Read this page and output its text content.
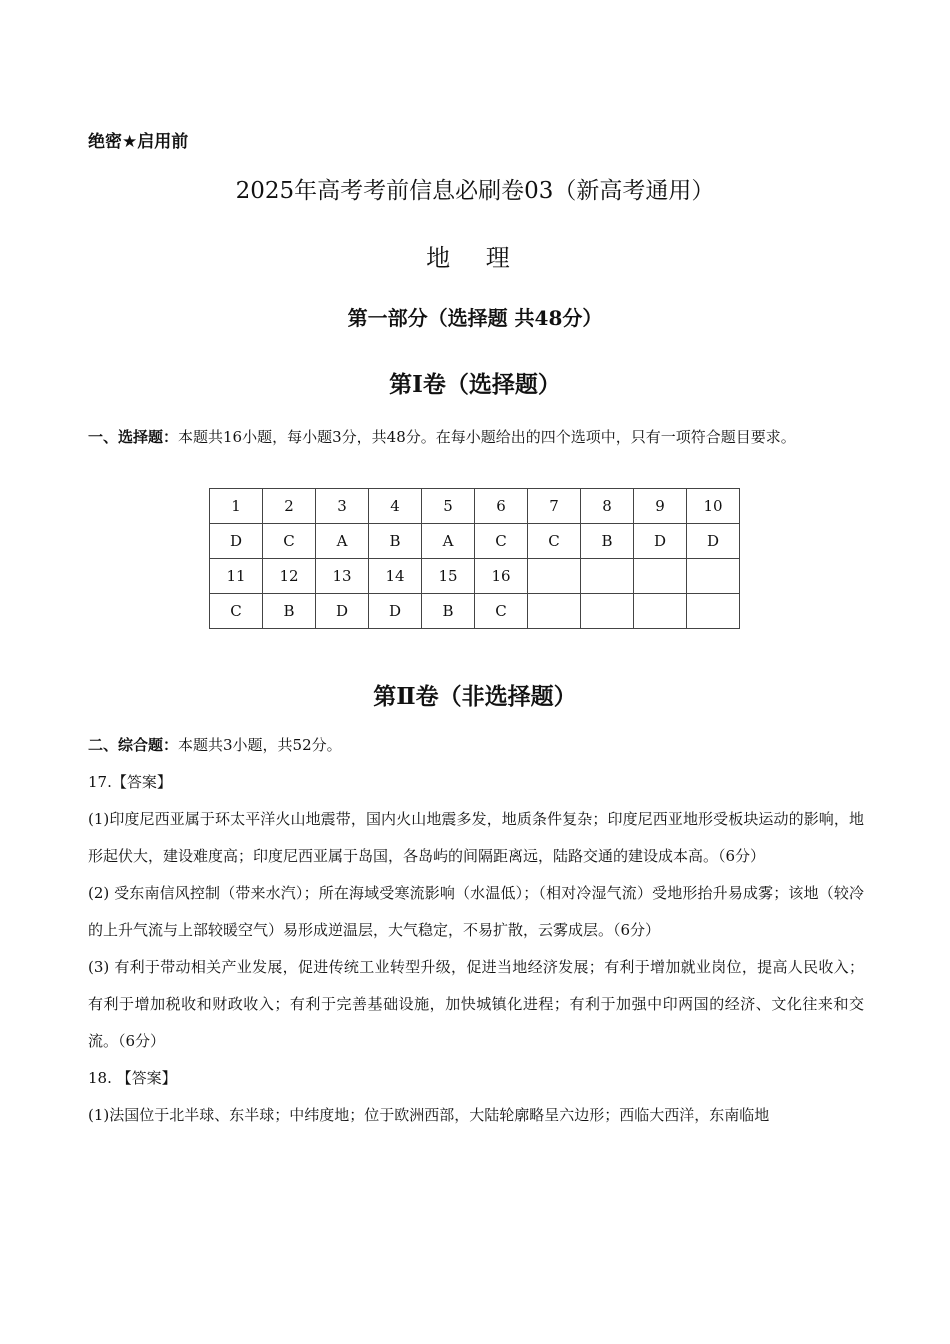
绝密★启用前
2025年高考考前信息必刷卷03（新高考通用）
地 理
第一部分（选择题 共48分）
第Ⅰ卷（选择题）
一、选择题：本题共16小题，每小题3分，共48分。在每小题给出的四个选项中，只有一项符合题目要求。
1	2	3	4	5	6	7	8	9	10
D	C	A	B	A	C	C	B	D	D
11	12	13	14	15	16				
C	B	D	D	B	C				
第Ⅱ卷（非选择题）
二、综合题：本题共3小题，共52分。

17.【答案】

(1)印度尼西亚属于环太平洋火山地震带，国内火山地震多发，地质条件复杂；印度尼西亚地形受板块运动的影响，地形起伏大，建设难度高；印度尼西亚属于岛国，各岛屿的间隔距离远，陆路交通的建设成本高。（6分）

(2) 受东南信风控制（带来水汽）；所在海域受寒流影响（水温低）；（相对冷湿气流）受地形抬升易成雾；该地（较冷的上升气流与上部较暖空气）易形成逆温层，大气稳定，不易扩散，云雾成层。（6分）

(3) 有利于带动相关产业发展，促进传统工业转型升级，促进当地经济发展；有利于增加就业岗位，提高人民收入；有利于增加税收和财政收入；有利于完善基础设施，加快城镇化进程；有利于加强中印两国的经济、文化往来和交流。（6分）

18. 【答案】

(1)法国位于北半球、东半球；中纬度地；位于欧洲西部，大陆轮廓略呈六边形；西临大西洋，东南临地
